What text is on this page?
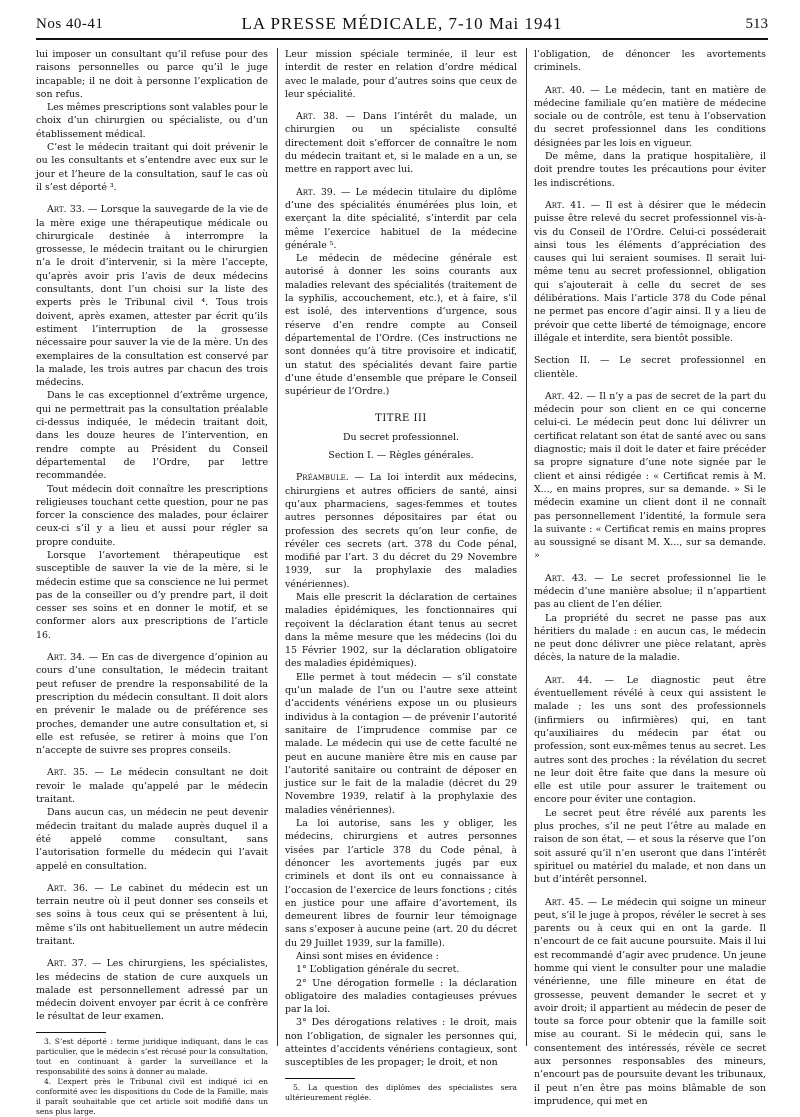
Nos 40-41	LA PRESSE MÉDICALE, 7-10 Mai 1941	513

lui imposer un consultant qu’il refuse pour des raisons personnelles ou parce qu’il le juge incapable; il ne doit à personne l’explication de son refus.

Les mêmes prescriptions sont valables pour le choix d’un chirurgien ou spécialiste, ou d’un établissement médical.

C’est le médecin traitant qui doit prévenir le ou les consultants et s’entendre avec eux sur le jour et l’heure de la consultation, sauf le cas où il s’est déporté ³.

Art. 33. — Lorsque la sauvegarde de la vie de la mère exige une thérapeutique médicale ou chirurgicale destinée à interrompre la grossesse, le médecin traitant ou le chirurgien n’a le droit d’intervenir, si la mère l’accepte, qu’après avoir pris l’avis de deux médecins consultants, dont l’un choisi sur la liste des experts près le Tribunal civil ⁴. Tous trois doivent, après examen, attester par écrit qu’ils estiment l’interruption de la grossesse nécessaire pour sauver la vie de la mère. Un des exemplaires de la consultation est conservé par la malade, les trois autres par chacun des trois médecins.

Dans le cas exceptionnel d’extrême urgence, qui ne permettrait pas la consultation préalable ci-dessus indiquée, le médecin traitant doit, dans les douze heures de l’intervention, en rendre compte au Président du Conseil départemental de l’Ordre, par lettre recommandée.

Tout médecin doit connaître les prescriptions religieuses touchant cette question, pour ne pas forcer la conscience des malades, pour éclairer ceux-ci s’il y a lieu et aussi pour régler sa propre conduite.

Lorsque l’avortement thérapeutique est susceptible de sauver la vie de la mère, si le médecin estime que sa conscience ne lui permet pas de la conseiller ou d’y prendre part, il doit cesser ses soins et en donner le motif, et se conformer alors aux prescriptions de l’article 16.

Art. 34. — En cas de divergence d’opinion au cours d’une consultation, le médecin traitant peut refuser de prendre la responsabilité de la prescription du médecin consultant. Il doit alors en prévenir le malade ou de préférence ses proches, demander une autre consultation et, si elle est refusée, se retirer à moins que l’on n’accepte de suivre ses propres conseils.

Art. 35. — Le médecin consultant ne doit revoir le malade qu’appelé par le médecin traitant.

Dans aucun cas, un médecin ne peut devenir médecin traitant du malade auprès duquel il a été appelé comme consultant, sans l’autorisation formelle du médecin qui l’avait appelé en consultation.

Art. 36. — Le cabinet du médecin est un terrain neutre où il peut donner ses conseils et ses soins à tous ceux qui se présentent à lui, même s’ils ont habituellement un autre médecin traitant.

Art. 37. — Les chirurgiens, les spécialistes, les médecins de station de cure auxquels un malade est personnellement adressé par un médecin doivent envoyer par écrit à ce confrère le résultat de leur examen.

3. S’est déporté : terme juridique indiquant, dans le cas particulier, que le médecin s’est récusé pour la consultation, tout en continuant à garder la surveillance et la responsabilité des soins à donner au malade.

4. L’expert près le Tribunal civil est indiqué ici en conformité avec les dispositions du Code de la Famille, mais il paraît souhaitable que cet article soit modifié dans un sens plus large.

Leur mission spéciale terminée, il leur est interdit de rester en relation d’ordre médical avec le malade, pour d’autres soins que ceux de leur spécialité.

Art. 38. — Dans l’intérêt du malade, un chirurgien ou un spécialiste consulté directement doit s’efforcer de connaître le nom du médecin traitant et, si le malade en a un, se mettre en rapport avec lui.

Art. 39. — Le médecin titulaire du diplôme d’une des spécialités énumérées plus loin, et exerçant la dite spécialité, s’interdit par cela même l’exercice habituel de la médecine générale ⁵.

Le médecin de médecine générale est autorisé à donner les soins courants aux maladies relevant des spécialités (traitement de la syphilis, accouchement, etc.), et à faire, s’il est isolé, des interventions d’urgence, sous réserve d’en rendre compte au Conseil départemental de l’Ordre. (Ces instructions ne sont données qu’à titre provisoire et indicatif, un statut des spécialités devant faire partie d’une étude d’ensemble que prépare le Conseil supérieur de l’Ordre.)

TITRE III

Du secret professionnel.

Section I. — Règles générales.

Préambule. — La loi interdit aux médecins, chirurgiens et autres officiers de santé, ainsi qu’aux pharmaciens, sages-femmes et toutes autres personnes dépositaires par état ou profession des secrets qu’on leur confie, de révéler ces secrets (art. 378 du Code pénal, modifié par l’art. 3 du décret du 29 Novembre 1939, sur la prophylaxie des maladies vénériennes).

Mais elle prescrit la déclaration de certaines maladies épidémiques, les fonctionnaires qui reçoivent la déclaration étant tenus au secret dans la même mesure que les médecins (loi du 15 Février 1902, sur la déclaration obligatoire des maladies épidémiques).

Elle permet à tout médecin — s’il constate qu’un malade de l’un ou l’autre sexe atteint d’accidents vénériens expose un ou plusieurs individus à la contagion — de prévenir l’autorité sanitaire de l’imprudence commise par ce malade. Le médecin qui use de cette faculté ne peut en aucune manière être mis en cause par l’autorité sanitaire ou contraint de déposer en justice sur le fait de la maladie (décret du 29 Novembre 1939, relatif à la prophylaxie des maladies vénériennes).

La loi autorise, sans les y obliger, les médecins, chirurgiens et autres personnes visées par l’article 378 du Code pénal, à dénoncer les avortements jugés par eux criminels et dont ils ont eu connaissance à l’occasion de l’exercice de leurs fonctions ; cités en justice pour une affaire d’avortement, ils demeurent libres de fournir leur témoignage sans s’exposer à aucune peine (art. 20 du décret du 29 Juillet 1939, sur la famille).

Ainsi sont mises en évidence :

1° L’obligation générale du secret.

2° Une dérogation formelle : la déclaration obligatoire des maladies contagieuses prévues par la loi.

3° Des dérogations relatives : le droit, mais non l’obligation, de signaler les personnes qui, atteintes d’accidents vénériens contagieux, sont susceptibles de les propager; le droit, et non

5. La question des diplômes des spécialistes sera ultérieurement réglée.

l’obligation, de dénoncer les avortements criminels.

Art. 40. — Le médecin, tant en matière de médecine familiale qu’en matière de médecine sociale ou de contrôle, est tenu à l’observation du secret professionnel dans les conditions désignées par les lois en vigueur.

De même, dans la pratique hospitalière, il doit prendre toutes les précautions pour éviter les indiscrétions.

Art. 41. — Il est à désirer que le médecin puisse être relevé du secret professionnel vis-à-vis du Conseil de l’Ordre. Celui-ci posséderait ainsi tous les éléments d’appréciation des causes qui lui seraient soumises. Il serait lui-même tenu au secret professionnel, obligation qui s’ajouterait à celle du secret de ses délibérations. Mais l’article 378 du Code pénal ne permet pas encore d’agir ainsi. Il y a lieu de prévoir que cette liberté de témoignage, encore illégale et interdite, sera bientôt possible.

Section II. — Le secret professionnel en clientèle.

Art. 42. — Il n’y a pas de secret de la part du médecin pour son client en ce qui concerne celui-ci. Le médecin peut donc lui délivrer un certificat relatant son état de santé avec ou sans diagnostic; mais il doit le dater et faire précéder sa propre signature d’une note signée par le client et ainsi rédigée : « Certificat remis à M. X..., en mains propres, sur sa demande. » Si le médecin examine un client dont il ne connaît pas personnellement l’identité, la formule sera la suivante : « Certificat remis en mains propres au soussigné se disant M. X..., sur sa demande. »

Art. 43. — Le secret professionnel lie le médecin d’une manière absolue; il n’appartient pas au client de l’en délier.

La propriété du secret ne passe pas aux héritiers du malade : en aucun cas, le médecin ne peut donc délivrer une pièce relatant, après décès, la nature de la maladie.

Art. 44. — Le diagnostic peut être éventuellement révélé à ceux qui assistent le malade ; les uns sont des professionnels (infirmiers ou infirmières) qui, en tant qu’auxiliaires du médecin par état ou profession, sont eux-mêmes tenus au secret. Les autres sont des proches : la révélation du secret ne leur doit être faite que dans la mesure où elle est utile pour assurer le traitement ou encore pour éviter une contagion.

Le secret peut être révélé aux parents les plus proches, s’il ne peut l’être au malade en raison de son état, — et sous la réserve que l’on soit assuré qu’il n’en useront que dans l’intérêt spirituel ou matériel du malade, et non dans un but d’intérêt personnel.

Art. 45. — Le médecin qui soigne un mineur peut, s’il le juge à propos, révéler le secret à ses parents ou à ceux qui en ont la garde. Il n’encourt de ce fait aucune poursuite. Mais il lui est recommandé d’agir avec prudence. Un jeune homme qui vient le consulter pour une maladie vénérienne, une fille mineure en état de grossesse, peuvent demander le secret et y avoir droit; il appartient au médecin de peser de toute sa force pour obtenir que la famille soit mise au courant. Si le médecin qui, sans le consentement des intéressés, révèle ce secret aux personnes responsables des mineurs, n’encourt pas de poursuite devant les tribunaux, il peut n’en être pas moins blâmable de son imprudence, qui met en
